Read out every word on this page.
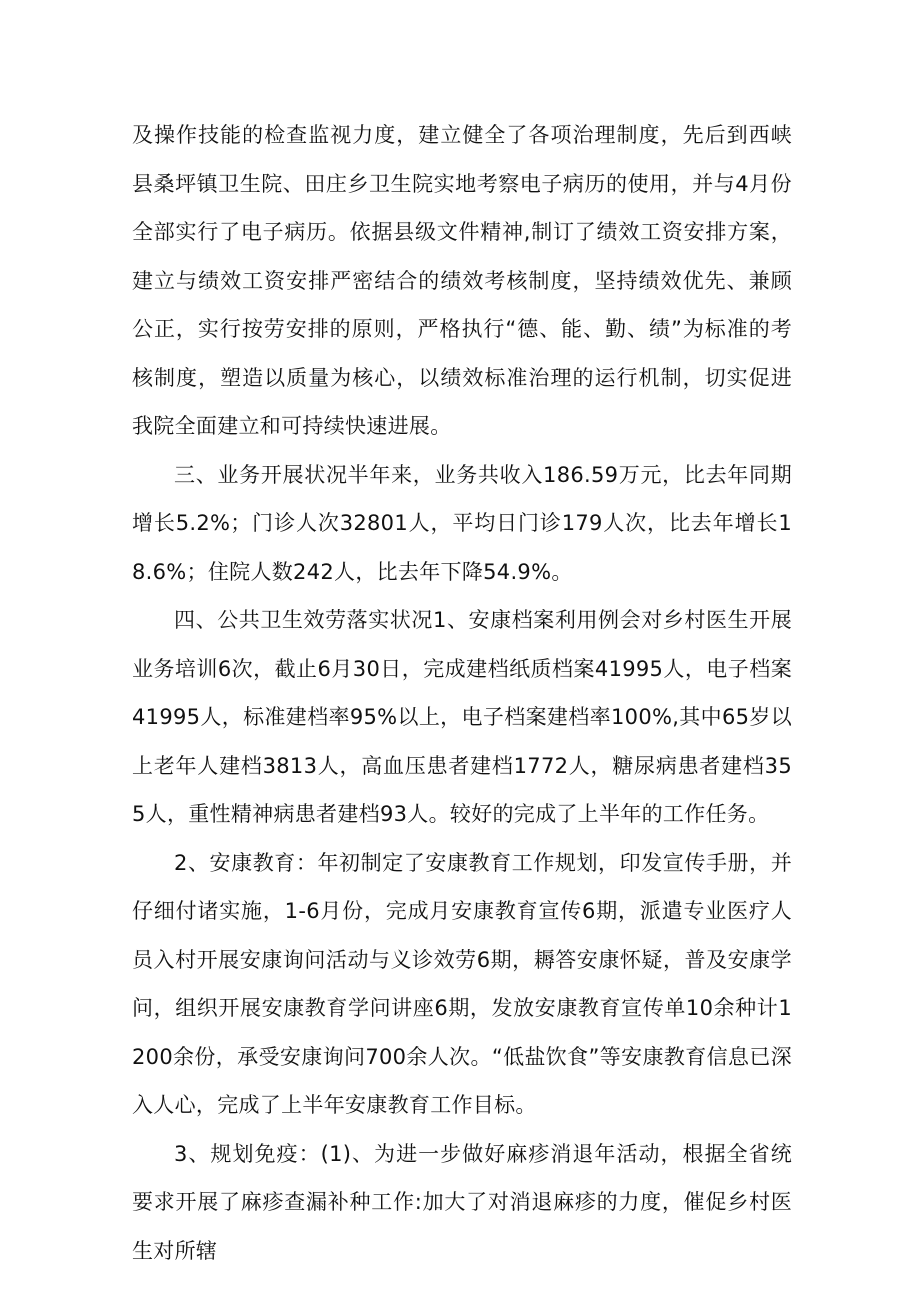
及操作技能的检查监视力度，建立健全了各项治理制度，先后到西峡县桑坪镇卫生院、田庄乡卫生院实地考察电子病历的使用，并与4月份全部实行了电子病历。依据县级文件精神,制订了绩效工资安排方案，建立与绩效工资安排严密结合的绩效考核制度，坚持绩效优先、兼顾公正，实行按劳安排的原则，严格执行“德、能、勤、绩”为标准的考核制度，塑造以质量为核心，以绩效标准治理的运行机制，切实促进我院全面建立和可持续快速进展。

三、业务开展状况半年来，业务共收入186.59万元，比去年同期增长5.2%；门诊人次32801人，平均日门诊179人次，比去年增长18.6%；住院人数242人，比去年下降54.9%。

四、公共卫生效劳落实状况1、安康档案利用例会对乡村医生开展业务培训6次，截止6月30日，完成建档纸质档案41995人，电子档案41995人，标准建档率95%以上，电子档案建档率100%,其中65岁以上老年人建档3813人，高血压患者建档1772人，糖尿病患者建档355人，重性精神病患者建档93人。较好的完成了上半年的工作任务。

2、安康教育：年初制定了安康教育工作规划，印发宣传手册，并仔细付诸实施，1-6月份，完成月安康教育宣传6期，派遣专业医疗人员入村开展安康询问活动与义诊效劳6期，耨答安康怀疑，普及安康学问，组织开展安康教育学问讲座6期，发放安康教育宣传单10余种计1200余份，承受安康询问700余人次。“低盐饮食”等安康教育信息已深入人心，完成了上半年安康教育工作目标。

3、规划免疫：(1)、为进一步做好麻疹消退年活动，根据全省统要求开展了麻疹查漏补种工作:加大了对消退麻疹的力度，催促乡村医生对所辖
